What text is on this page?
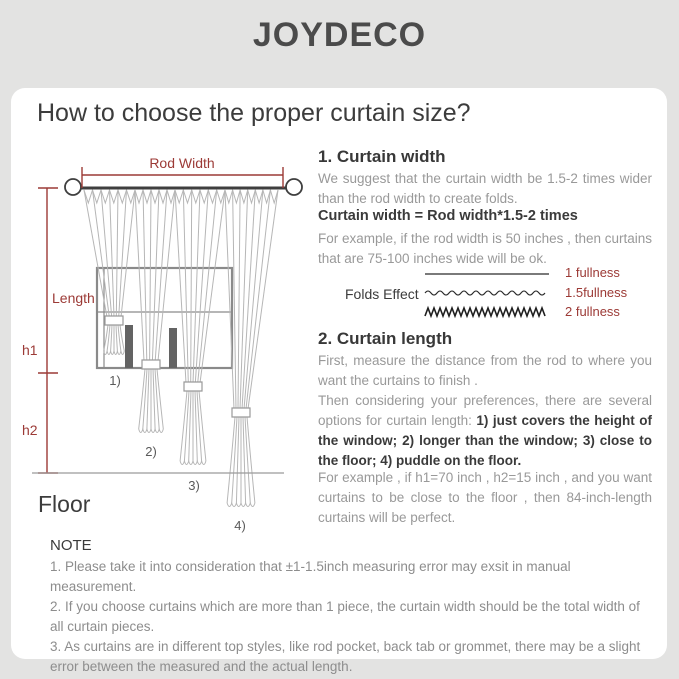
JOYDECO
How to choose the proper curtain size?
Rod Width
Length
h1
h2
Floor
1)
2)
3)
4)
1. Curtain width

We suggest that the curtain width be 1.5-2 times wider than the rod width to create folds.

Curtain width = Rod width*1.5-2 times

For example, if the rod width is 50 inches , then curtains that are 75-100 inches wide will be ok.

Folds Effect
1 fullness
1.5fullness
2 fullness
2. Curtain length

First, measure the distance from the rod to where you want the curtains to finish .

Then considering your preferences, there are several options for curtain length: 1) just covers the height of the window; 2) longer than the window; 3) close to the floor; 4) puddle on the floor.

For example , if h1=70 inch , h2=15 inch , and you want curtains to be close to the floor , then 84-inch-length curtains will be perfect.

NOTE

1. Please take it into consideration that ±1-1.5inch measuring error may exsit in manual measurement.

2. If you choose curtains which are more than 1 piece, the curtain width should be the total width of all curtain pieces.

3. As curtains are in different top styles, like rod pocket, back tab or grommet, there may be a slight error between the measured and the actual length.
